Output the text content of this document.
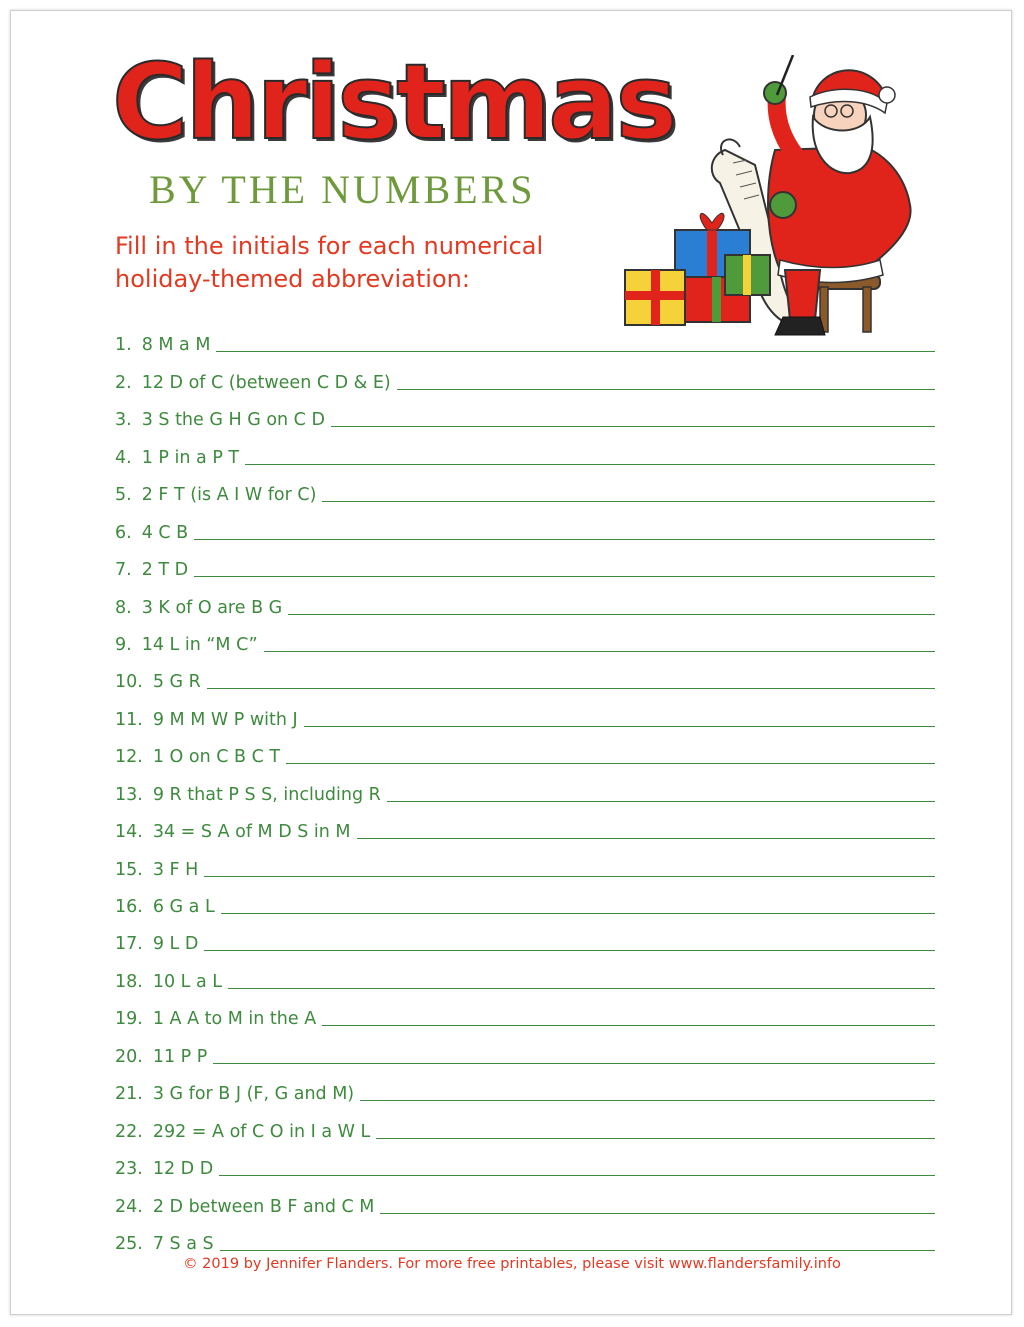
Christmas
BY THE NUMBERS
Fill in the initials for each numerical holiday-themed abbreviation:
1. 8 M a M
2. 12 D of C (between C D & E)
3. 3 S the G H G on C D
4. 1 P in a P T
5. 2 F T (is A I W for C)
6. 4 C B
7. 2 T D
8. 3 K of O are B G
9. 14 L in “M C”
10. 5 G R
11. 9 M M W P with J
12. 1 O on C B C T
13. 9 R that P S S, including R
14. 34 = S A of M D S in M
15. 3 F H
16. 6 G a L
17. 9 L D
18. 10 L a L
19. 1 A A to M in the A
20. 11 P P
21. 3 G for B J (F, G and M)
22. 292 = A of C O in I a W L
23. 12 D D
24. 2 D between B F and C M
25. 7 S a S
© 2019 by Jennifer Flanders. For more free printables, please visit www.flandersfamily.info
